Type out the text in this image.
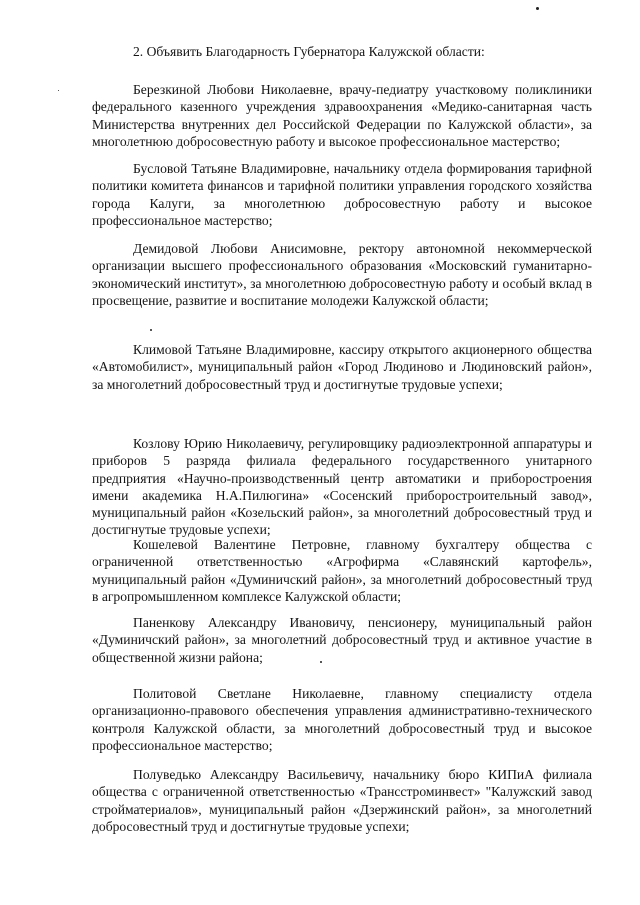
2. Объявить Благодарность Губернатора Калужской области:

Березкиной Любови Николаевне, врачу-педиатру участковому поликлиники федерального казенного учреждения здравоохранения «Медико-санитарная часть Министерства внутренних дел Российской Федерации по Калужской области», за многолетнюю добросовестную работу и высокое профессиональное мастерство;

Бусловой Татьяне Владимировне, начальнику отдела формирования тарифной политики комитета финансов и тарифной политики управления городского хозяйства города Калуги, за многолетнюю добросовестную работу и высокое профессиональное мастерство;

Демидовой Любови Анисимовне, ректору автономной некоммерческой организации высшего профессионального образования «Московский гуманитарно-экономический институт», за многолетнюю добросовестную работу и особый вклад в просвещение, развитие и воспитание молодежи Калужской области;

Климовой Татьяне Владимировне, кассиру открытого акционерного общества «Автомобилист», муниципальный район «Город Людиново и Людиновский район», за многолетний добросовестный труд и достигнутые трудовые успехи;

Козлову Юрию Николаевичу, регулировщику радиоэлектронной аппаратуры и приборов 5 разряда филиала федерального государственного унитарного предприятия «Научно-производственный центр автоматики и приборостроения имени академика Н.А.Пилюгина» «Сосенский приборостроительный завод», муниципальный район «Козельский район», за многолетний добросовестный труд и достигнутые трудовые успехи;

Кошелевой Валентине Петровне, главному бухгалтеру общества с ограниченной ответственностью «Агрофирма «Славянский картофель», муниципальный район «Думиничский район», за многолетний добросовестный труд в агропромышленном комплексе Калужской области;

Паненкову Александру Ивановичу, пенсионеру, муниципальный район «Думиничский район», за многолетний добросовестный труд и активное участие в общественной жизни района;

Политовой Светлане Николаевне, главному специалисту отдела организационно-правового обеспечения управления административно-технического контроля Калужской области, за многолетний добросовестный труд и высокое профессиональное мастерство;

Полуведько Александру Васильевичу, начальнику бюро КИПиА филиала общества с ограниченной ответственностью «Трансстроминвест» "Калужский завод стройматериалов», муниципальный район «Дзержинский район», за многолетний добросовестный труд и достигнутые трудовые успехи;
